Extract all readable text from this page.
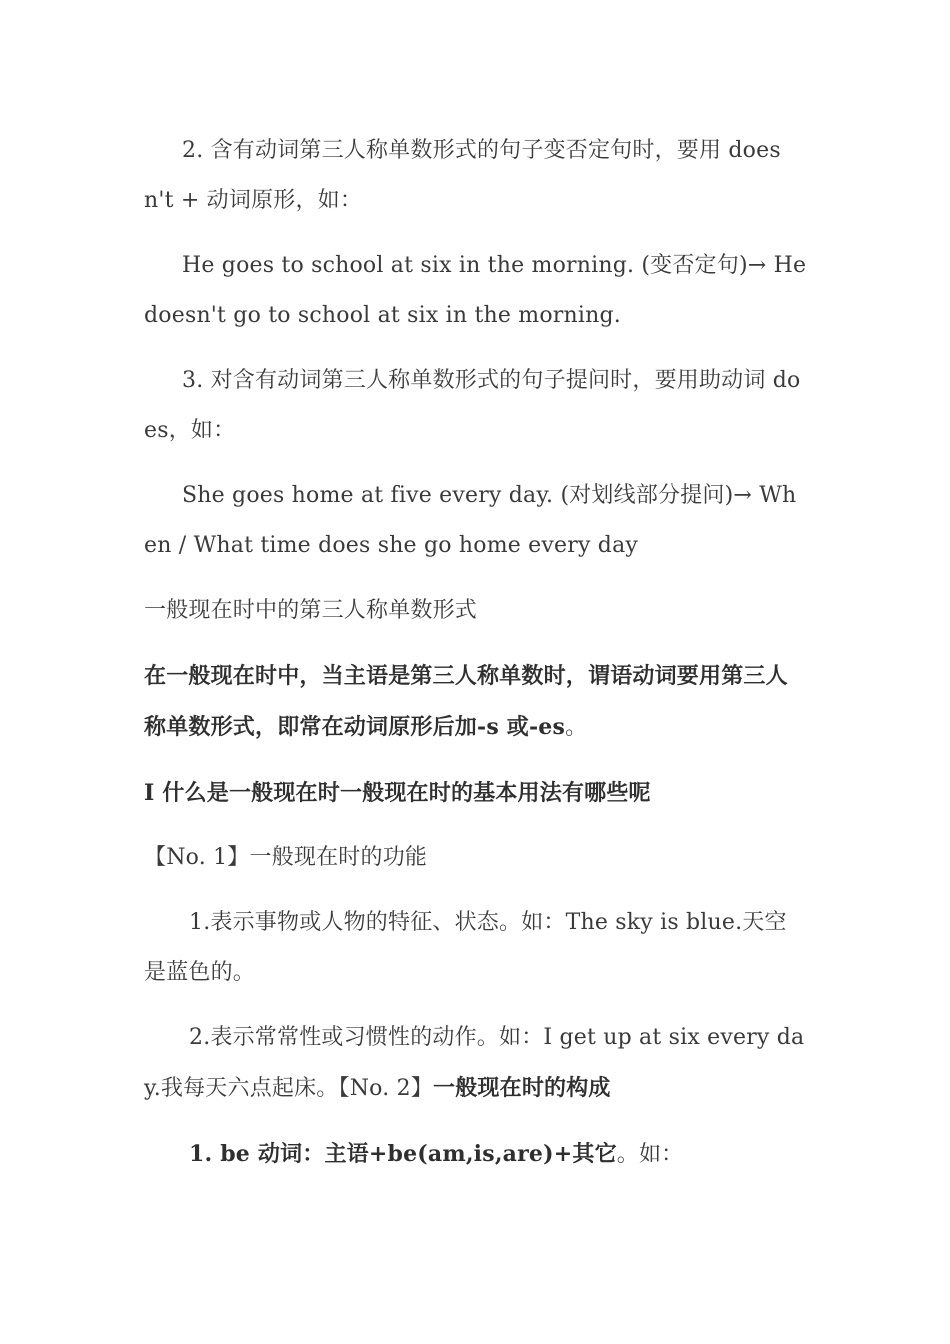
2. 含有动词第三人称单数形式的句子变否定句时，要用 doesn't + 动词原形，如：

He goes to school at six in the morning. (变否定句)→ He doesn't go to school at six in the morning.

3. 对含有动词第三人称单数形式的句子提问时，要用助动词 does，如：

She goes home at five every day. (对划线部分提问)→ When / What time does she go home every day

一般现在时中的第三人称单数形式

在一般现在时中，当主语是第三人称单数时，谓语动词要用第三人称单数形式，即常在动词原形后加-s 或-es。

I 什么是一般现在时一般现在时的基本用法有哪些呢

【No. 1】一般现在时的功能

1.表示事物或人物的特征、状态。如：The sky is blue.天空是蓝色的。

2.表示常常性或习惯性的动作。如：I get up at six every day.我每天六点起床。【No. 2】一般现在时的构成

1. be 动词：主语+be(am,is,are)+其它。如：
